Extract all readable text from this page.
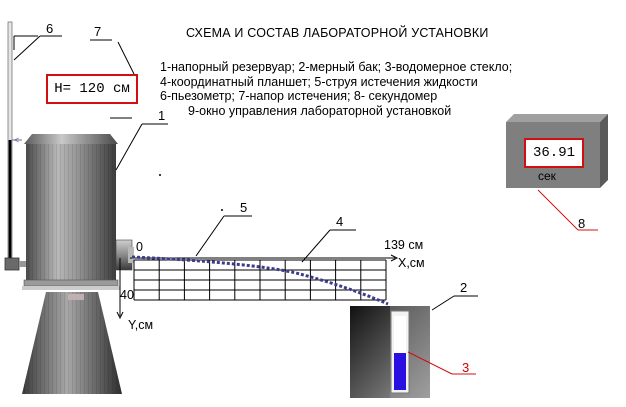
<
СХЕМА И СОСТАВ ЛАБОРАТОРНОЙ УСТАНОВКИ
1-напорный резервуар; 2-мерный бак; 3-водомерное стекло;
4-координатный планшет; 5-струя истечения жидкости
6-пьезометр; 7-напор истечения; 8- секундомер
9-окно управления лабораторной установкой
H= 120 см
36.91
сек
0	139 см
40
X,см
Y,см
6	7
1
5
4
2
3
8
